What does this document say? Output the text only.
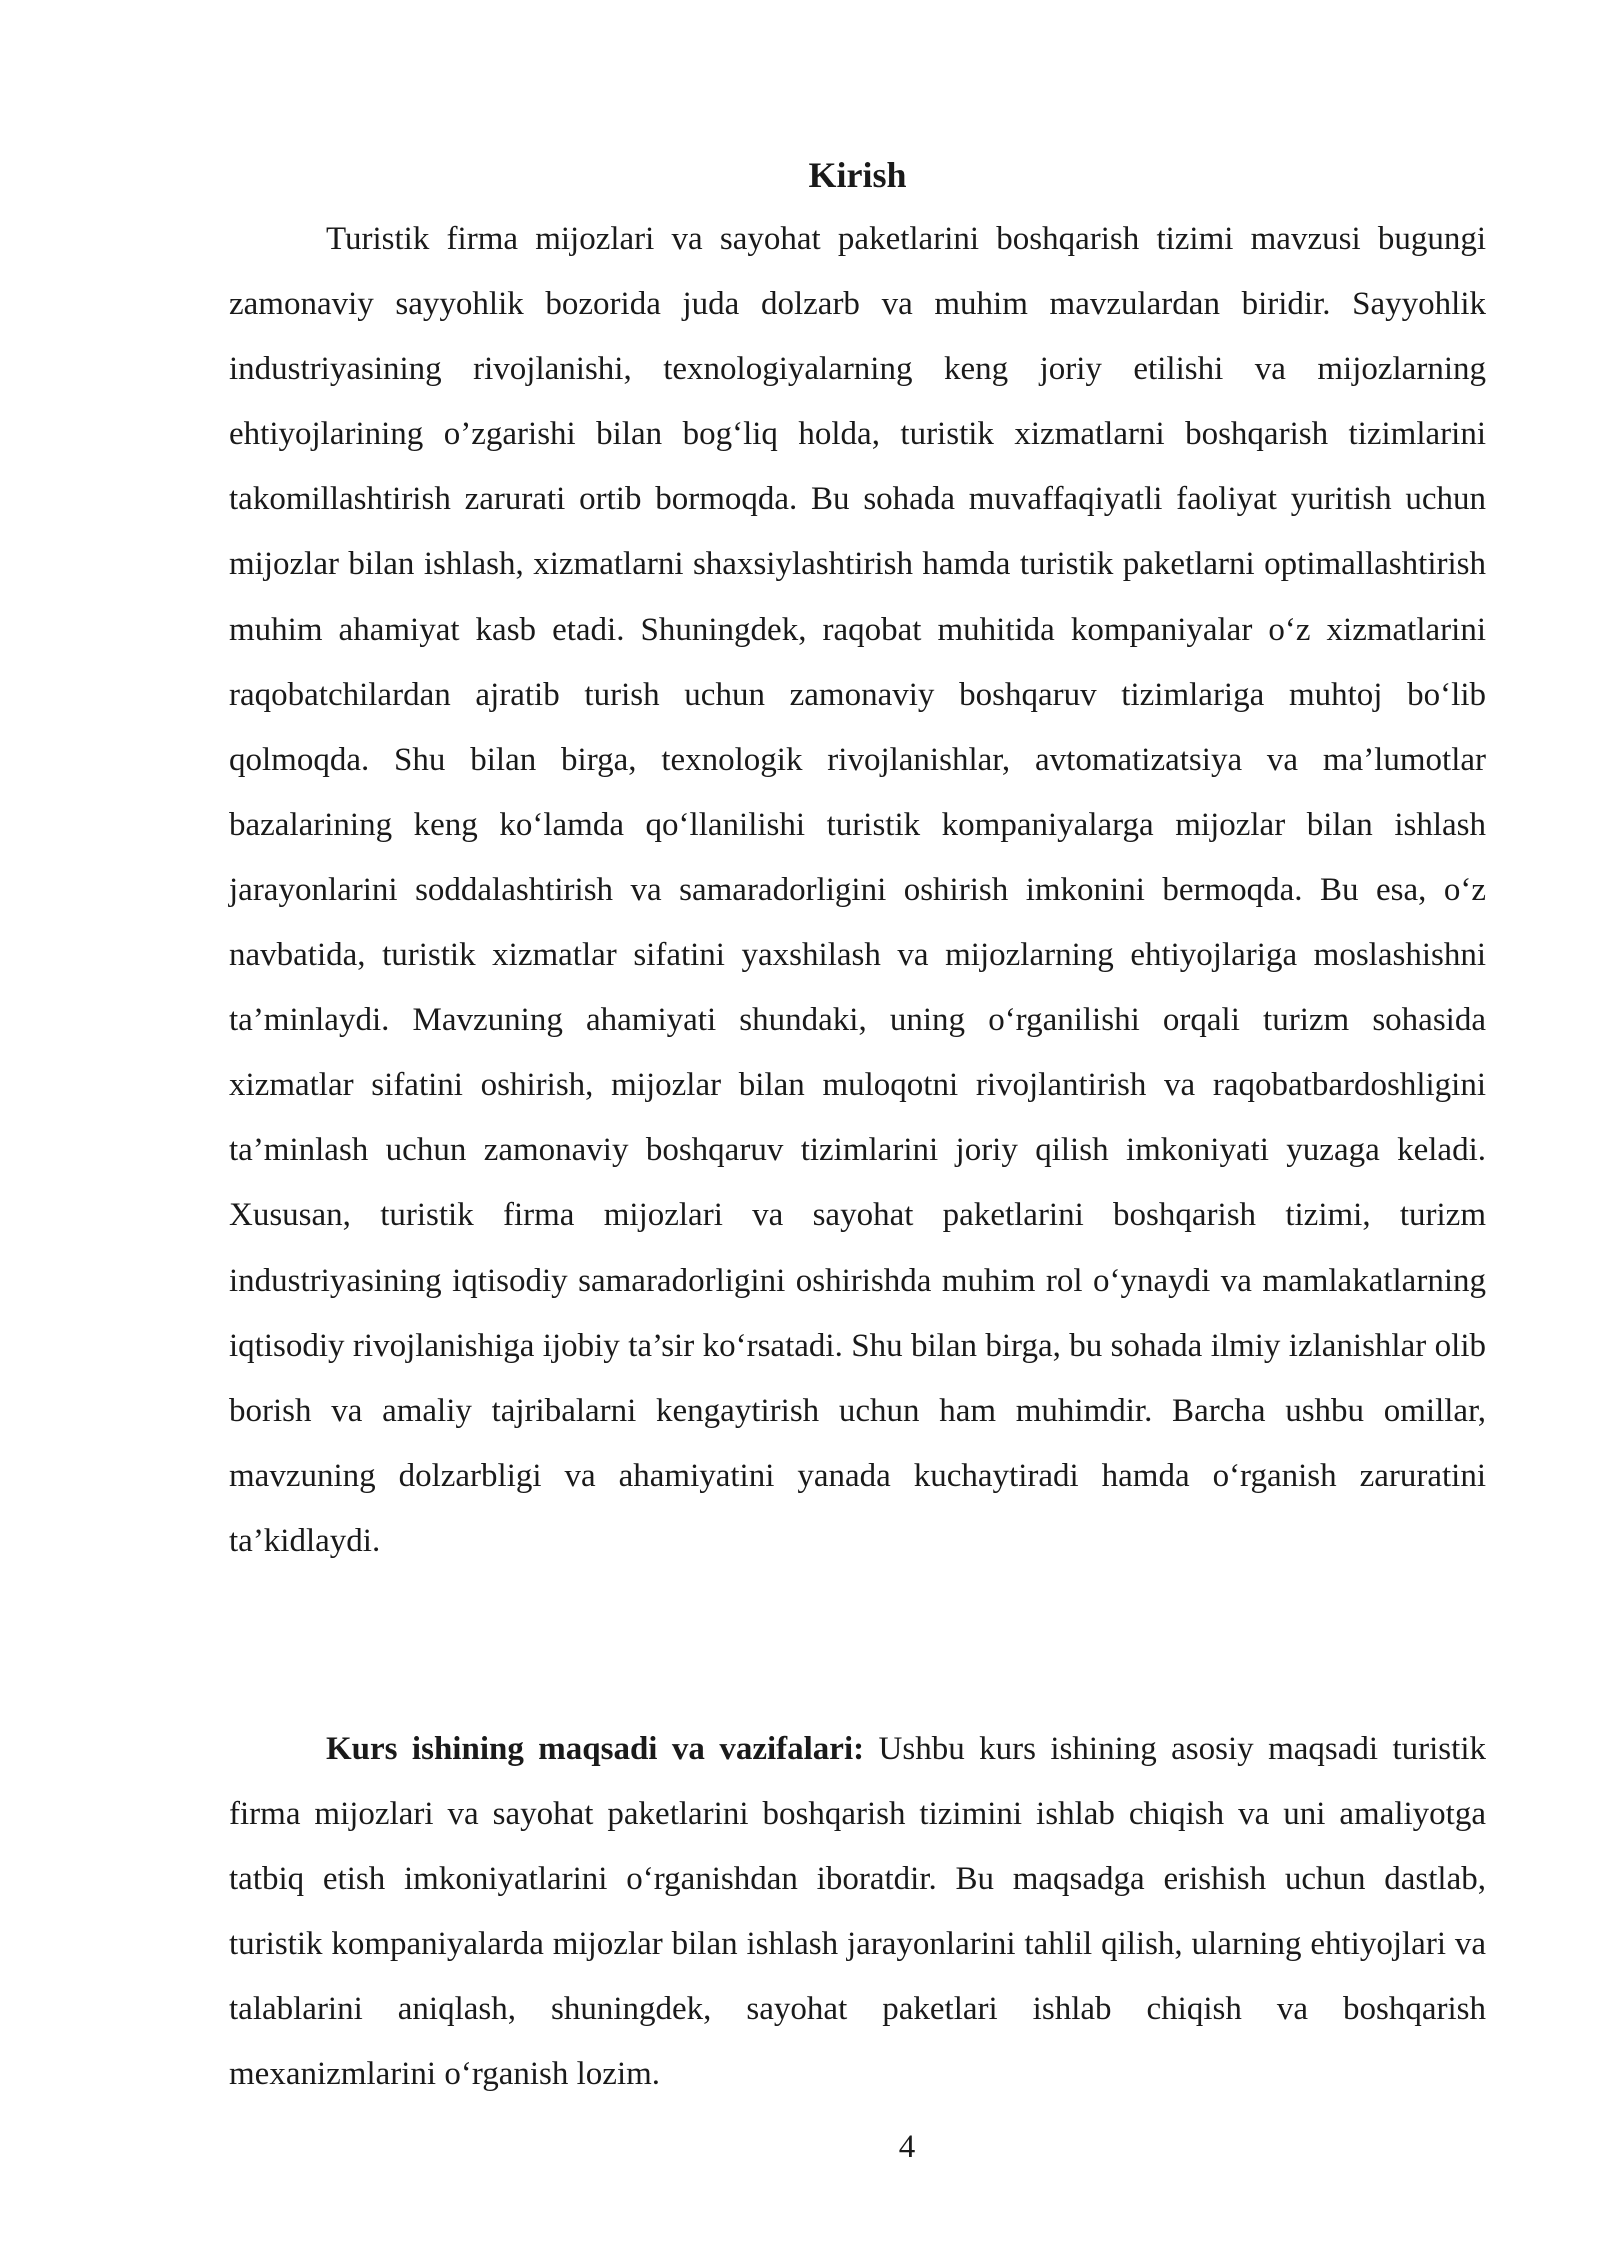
Kirish

Turistik firma mijozlari va sayohat paketlarini boshqarish tizimi mavzusi bugungi zamonaviy sayyohlik bozorida juda dolzarb va muhim mavzulardan biridir. Sayyohlik industriyasining rivojlanishi, texnologiyalarning keng joriy etilishi va mijozlarning ehtiyojlarining o’zgarishi bilan bog‘liq holda, turistik xizmatlarni boshqarish tizimlarini takomillashtirish zarurati ortib bormoqda. Bu sohada muvaffaqiyatli faoliyat yuritish uchun mijozlar bilan ishlash, xizmatlarni shaxsiylashtirish hamda turistik paketlarni optimallashtirish muhim ahamiyat kasb etadi. Shuningdek, raqobat muhitida kompaniyalar o‘z xizmatlarini raqobatchilardan ajratib turish uchun zamonaviy boshqaruv tizimlariga muhtoj bo‘lib qolmoqda. Shu bilan birga, texnologik rivojlanishlar, avtomatizatsiya va ma’lumotlar bazalarining keng ko‘lamda qo‘llanilishi turistik kompaniyalarga mijozlar bilan ishlash jarayonlarini soddalashtirish va samaradorligini oshirish imkonini bermoqda. Bu esa, o‘z navbatida, turistik xizmatlar sifatini yaxshilash va mijozlarning ehtiyojlariga moslashishni ta’minlaydi. Mavzuning ahamiyati shundaki, uning o‘rganilishi orqali turizm sohasida xizmatlar sifatini oshirish, mijozlar bilan muloqotni rivojlantirish va raqobatbardoshligini ta’minlash uchun zamonaviy boshqaruv tizimlarini joriy qilish imkoniyati yuzaga keladi. Xususan, turistik firma mijozlari va sayohat paketlarini boshqarish tizimi, turizm industriyasining iqtisodiy samaradorligini oshirishda muhim rol o‘ynaydi va mamlakatlarning iqtisodiy rivojlanishiga ijobiy ta’sir ko‘rsatadi. Shu bilan birga, bu sohada ilmiy izlanishlar olib borish va amaliy tajribalarni kengaytirish uchun ham muhimdir. Barcha ushbu omillar, mavzuning dolzarbligi va ahamiyatini yanada kuchaytiradi hamda o‘rganish zaruratini ta’kidlaydi.

Kurs ishining maqsadi va vazifalari: Ushbu kurs ishining asosiy maqsadi turistik firma mijozlari va sayohat paketlarini boshqarish tizimini ishlab chiqish va uni amaliyotga tatbiq etish imkoniyatlarini o‘rganishdan iboratdir. Bu maqsadga erishish uchun dastlab, turistik kompaniyalarda mijozlar bilan ishlash jarayonlarini tahlil qilish, ularning ehtiyojlari va talablarini aniqlash, shuningdek, sayohat paketlari ishlab chiqish va boshqarish mexanizmlarini o‘rganish lozim.

4
